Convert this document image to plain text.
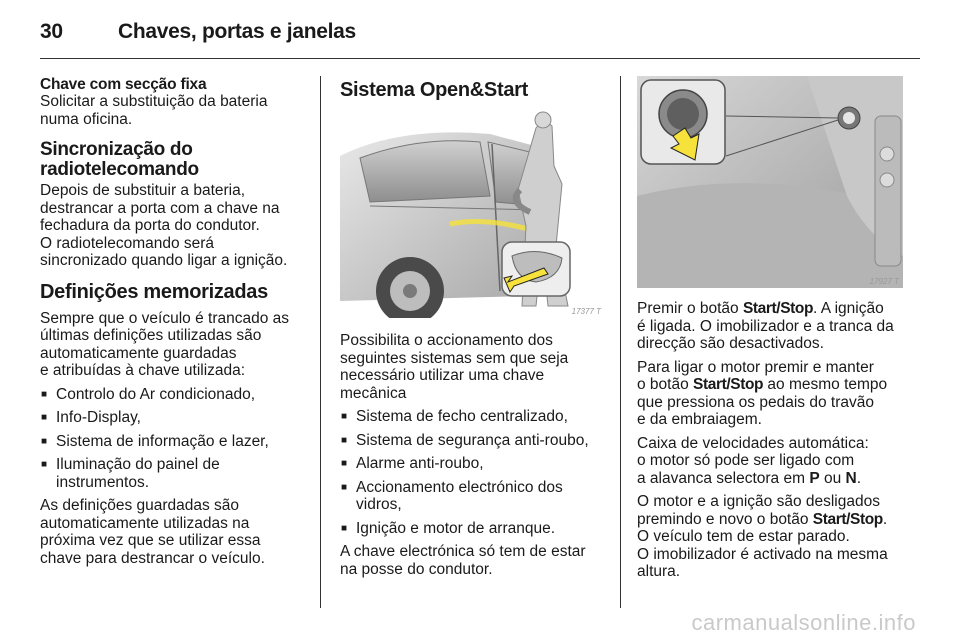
30	Chaves, portas e janelas
Chave com secção fixa
Solicitar a substituição da bateria
numa oficina.
Sincronização do
radiotelecomando
Depois de substituir a bateria,
destrancar a porta com a chave na
fechadura da porta do condutor.
O radiotelecomando será
sincronizado quando ligar a ignição.
Definições memorizadas
Sempre que o veículo é trancado as
últimas definições utilizadas são
automaticamente guardadas
e atribuídas à chave utilizada:
■ Controlo do Ar condicionado,
■ Info-Display,
■ Sistema de informação e lazer,
■ Iluminação do painel de instrumentos.
As definições guardadas são
automaticamente utilizadas na
próxima vez que se utilizar essa
chave para destrancar o veículo.
Sistema Open&Start
17377 T
Possibilita o accionamento dos
seguintes sistemas sem que seja
necessário utilizar uma chave
mecânica
■ Sistema de fecho centralizado,
■ Sistema de segurança anti-roubo,
■ Alarme anti-roubo,
■ Accionamento electrónico dos vidros,
■ Ignição e motor de arranque.
A chave electrónica só tem de estar
na posse do condutor.
17927 T
Premir o botão Start/Stop. A ignição
é ligada. O imobilizador e a tranca da
direcção são desactivados.
Para ligar o motor premir e manter
o botão Start/Stop ao mesmo tempo
que pressiona os pedais do travão
e da embraiagem.
Caixa de velocidades automática:
o motor só pode ser ligado com
a alavanca selectora em P ou N.
O motor e a ignição são desligados
premindo e novo o botão Start/Stop.
O veículo tem de estar parado.
O imobilizador é activado na mesma
altura.
carmanualsonline.info
